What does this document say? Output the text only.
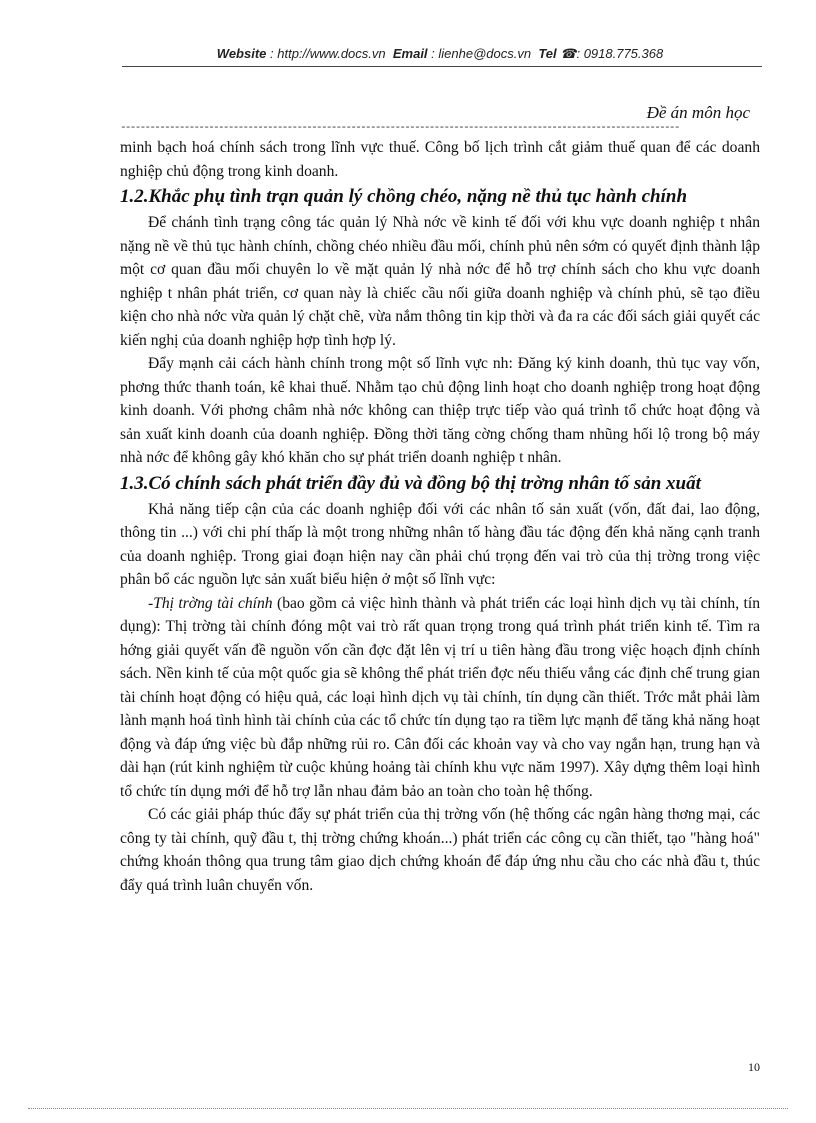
Website : http://www.docs.vn Email : lienhe@docs.vn Tel ☎: 0918.775.368
Đề án môn học
------------------------------------------------------------------------------------------------------------------

minh bạch hoá chính sách trong lĩnh vực thuế. Công bố lịch trình cắt giảm thuế quan để các doanh nghiệp chủ động trong kinh doanh.

1.2.Khắc phụ tình trạn quản lý chồng chéo, nặng nề thủ tục hành chính

Để chánh tình trạng công tác quản lý Nhà nớc về kinh tế đối với khu vực doanh nghiệp t nhân nặng nề về thủ tục hành chính, chồng chéo nhiều đầu mối, chính phủ nên sớm có quyết định thành lập một cơ quan đầu mối chuyên lo về mặt quản lý nhà nớc để hỗ trợ chính sách cho khu vực doanh nghiệp t nhân phát triển, cơ quan này là chiếc cầu nối giữa doanh nghiệp và chính phủ, sẽ tạo điều kiện cho nhà nớc vừa quản lý chặt chẽ, vừa nắm thông tin kịp thời và đa ra các đối sách giải quyết các kiến nghị của doanh nghiệp hợp tình hợp lý.

Đẩy mạnh cải cách hành chính trong một số lĩnh vực nh: Đăng ký kinh doanh, thủ tục vay vốn, phơng thức thanh toán, kê khai thuế. Nhằm tạo chủ động linh hoạt cho doanh nghiệp trong hoạt động kinh doanh. Với phơng châm nhà nớc không can thiệp trực tiếp vào quá trình tổ chức hoạt động và sản xuất kinh doanh của doanh nghiệp. Đồng thời tăng cờng chống tham nhũng hối lộ trong bộ máy nhà nớc để không gây khó khăn cho sự phát triển doanh nghiệp t nhân.

1.3.Có chính sách phát triển đầy đủ và đồng bộ thị trờng nhân tố sản xuất

Khả năng tiếp cận của các doanh nghiệp đối với các nhân tố sản xuất (vốn, đất đai, lao động, thông tin ...) với chi phí thấp là một trong những nhân tố hàng đầu tác động đến khả năng cạnh tranh của doanh nghiệp. Trong giai đoạn hiện nay cần phải chú trọng đến vai trò của thị trờng trong việc phân bổ các nguồn lực sản xuất biểu hiện ở một số lĩnh vực:

-Thị trờng tài chính (bao gồm cả việc hình thành và phát triển các loại hình dịch vụ tài chính, tín dụng): Thị trờng tài chính đóng một vai trò rất quan trọng trong quá trình phát triển kinh tế. Tìm ra hớng giải quyết vấn đề nguồn vốn cần đợc đặt lên vị trí u tiên hàng đầu trong việc hoạch định chính sách. Nền kinh tế của một quốc gia sẽ không thể phát triển đợc nếu thiếu vắng các định chế trung gian tài chính hoạt động có hiệu quả, các loại hình dịch vụ tài chính, tín dụng cần thiết. Trớc mắt phải làm lành mạnh hoá tình hình tài chính của các tổ chức tín dụng tạo ra tiềm lực mạnh để tăng khả năng hoạt động và đáp ứng việc bù đắp những rủi ro. Cân đối các khoản vay và cho vay ngắn hạn, trung hạn và dài hạn (rút kinh nghiệm từ cuộc khủng hoảng tài chính khu vực năm 1997). Xây dựng thêm loại hình tổ chức tín dụng mới để hỗ trợ lẫn nhau đảm bảo an toàn cho toàn hệ thống.

Có các giải pháp thúc đẩy sự phát triển của thị trờng vốn (hệ thống các ngân hàng thơng mại, các công ty tài chính, quỹ đầu t, thị trờng chứng khoán...) phát triển các công cụ cần thiết, tạo "hàng hoá" chứng khoán thông qua trung tâm giao dịch chứng khoán để đáp ứng nhu cầu cho các nhà đầu t, thúc đẩy quá trình luân chuyển vốn.

10
